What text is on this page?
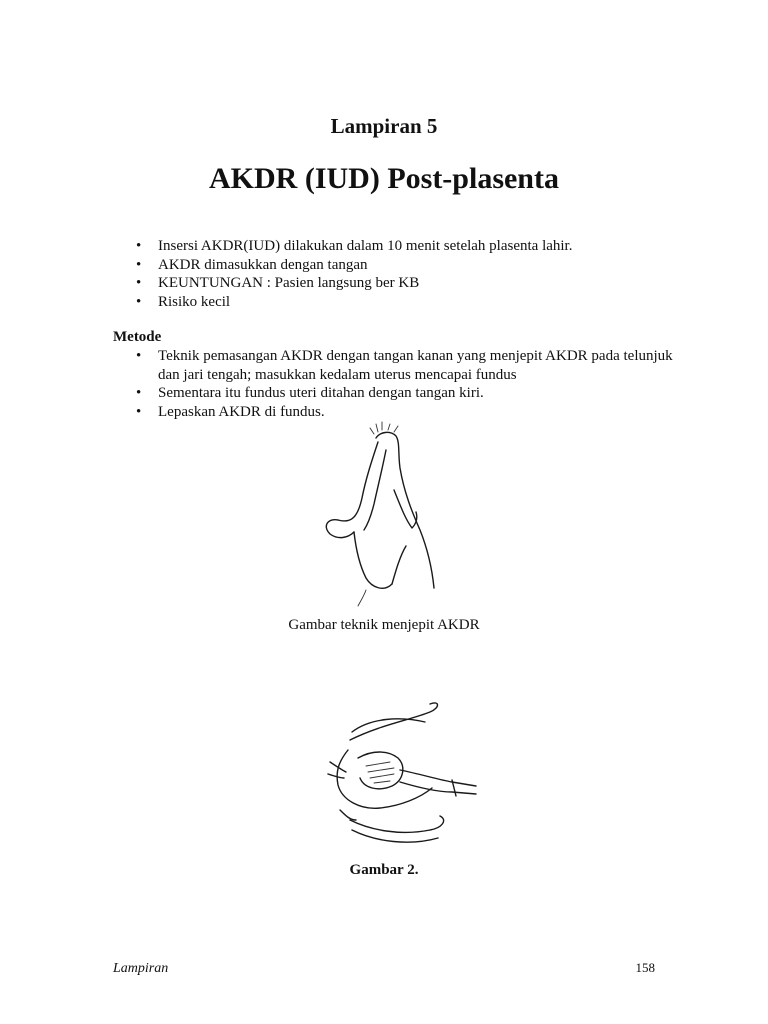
Lampiran 5
AKDR (IUD) Post-plasenta
• Insersi AKDR(IUD) dilakukan dalam 10 menit setelah plasenta lahir.
• AKDR dimasukkan dengan tangan
• KEUNTUNGAN : Pasien langsung ber KB
• Risiko kecil
Metode
• Teknik pemasangan AKDR dengan tangan kanan yang menjepit AKDR pada telunjuk dan jari tengah; masukkan kedalam uterus mencapai fundus
• Sementara itu fundus uteri ditahan dengan tangan kiri.
• Lepaskan AKDR di fundus.
Gambar teknik menjepit AKDR
Gambar 2.
Lampiran	158
